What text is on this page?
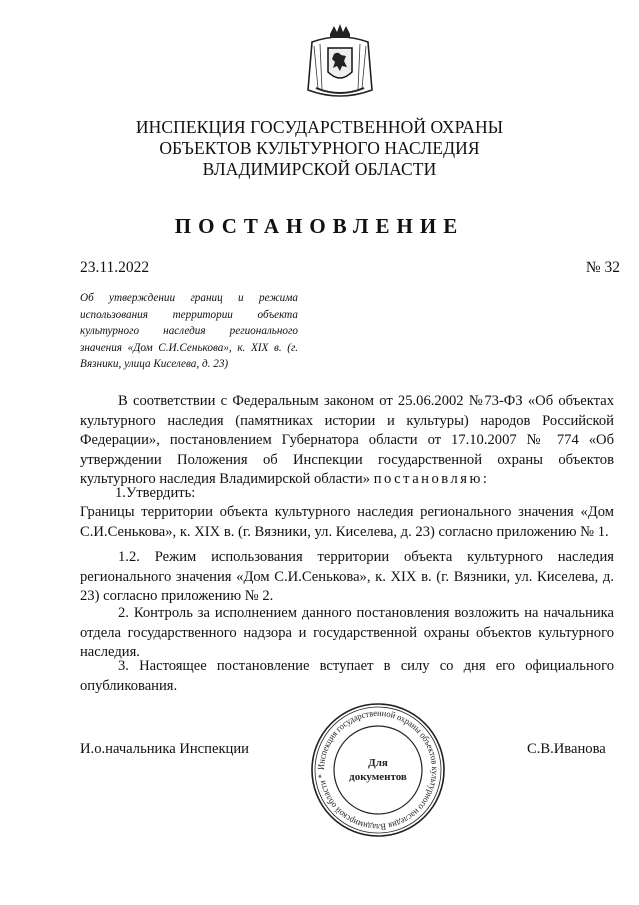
ИНСПЕКЦИЯ ГОСУДАРСТВЕННОЙ ОХРАНЫ
ОБЪЕКТОВ КУЛЬТУРНОГО НАСЛЕДИЯ
ВЛАДИМИРСКОЙ ОБЛАСТИ
ПОСТАНОВЛЕНИЕ
23.11.2022	№ 32
Об утверждении границ и режима использования территории объекта культурного наследия регионального значения «Дом С.И.Сенькова», к. XIX в. (г. Вязники, улица Киселева, д. 23)
В соответствии с Федеральным законом от 25.06.2002 №73-ФЗ «Об объектах культурного наследия (памятниках истории и культуры) народов Российской Федерации», постановлением Губернатора области от 17.10.2007 № 774 «Об утверждении Положения об Инспекции государственной охраны объектов культурного наследия Владимирской области» постановляю:
1.Утвердить:
Границы территории объекта культурного наследия регионального значения «Дом С.И.Сенькова», к. XIX в. (г. Вязники, ул. Киселева, д. 23) согласно приложению № 1.
1.2. Режим использования территории объекта культурного наследия регионального значения «Дом С.И.Сенькова», к. XIX в. (г. Вязники, ул. Киселева, д. 23) согласно приложению № 2.
2. Контроль за исполнением данного постановления возложить на начальника отдела государственного надзора и государственной охраны объектов культурного наследия.
3. Настоящее постановление вступает в силу со дня его официального опубликования.
И.о.начальника Инспекции	С.В.Иванова
Инспекция государственной охраны объектов культурного наследия Владимирской области *
Для
документов
